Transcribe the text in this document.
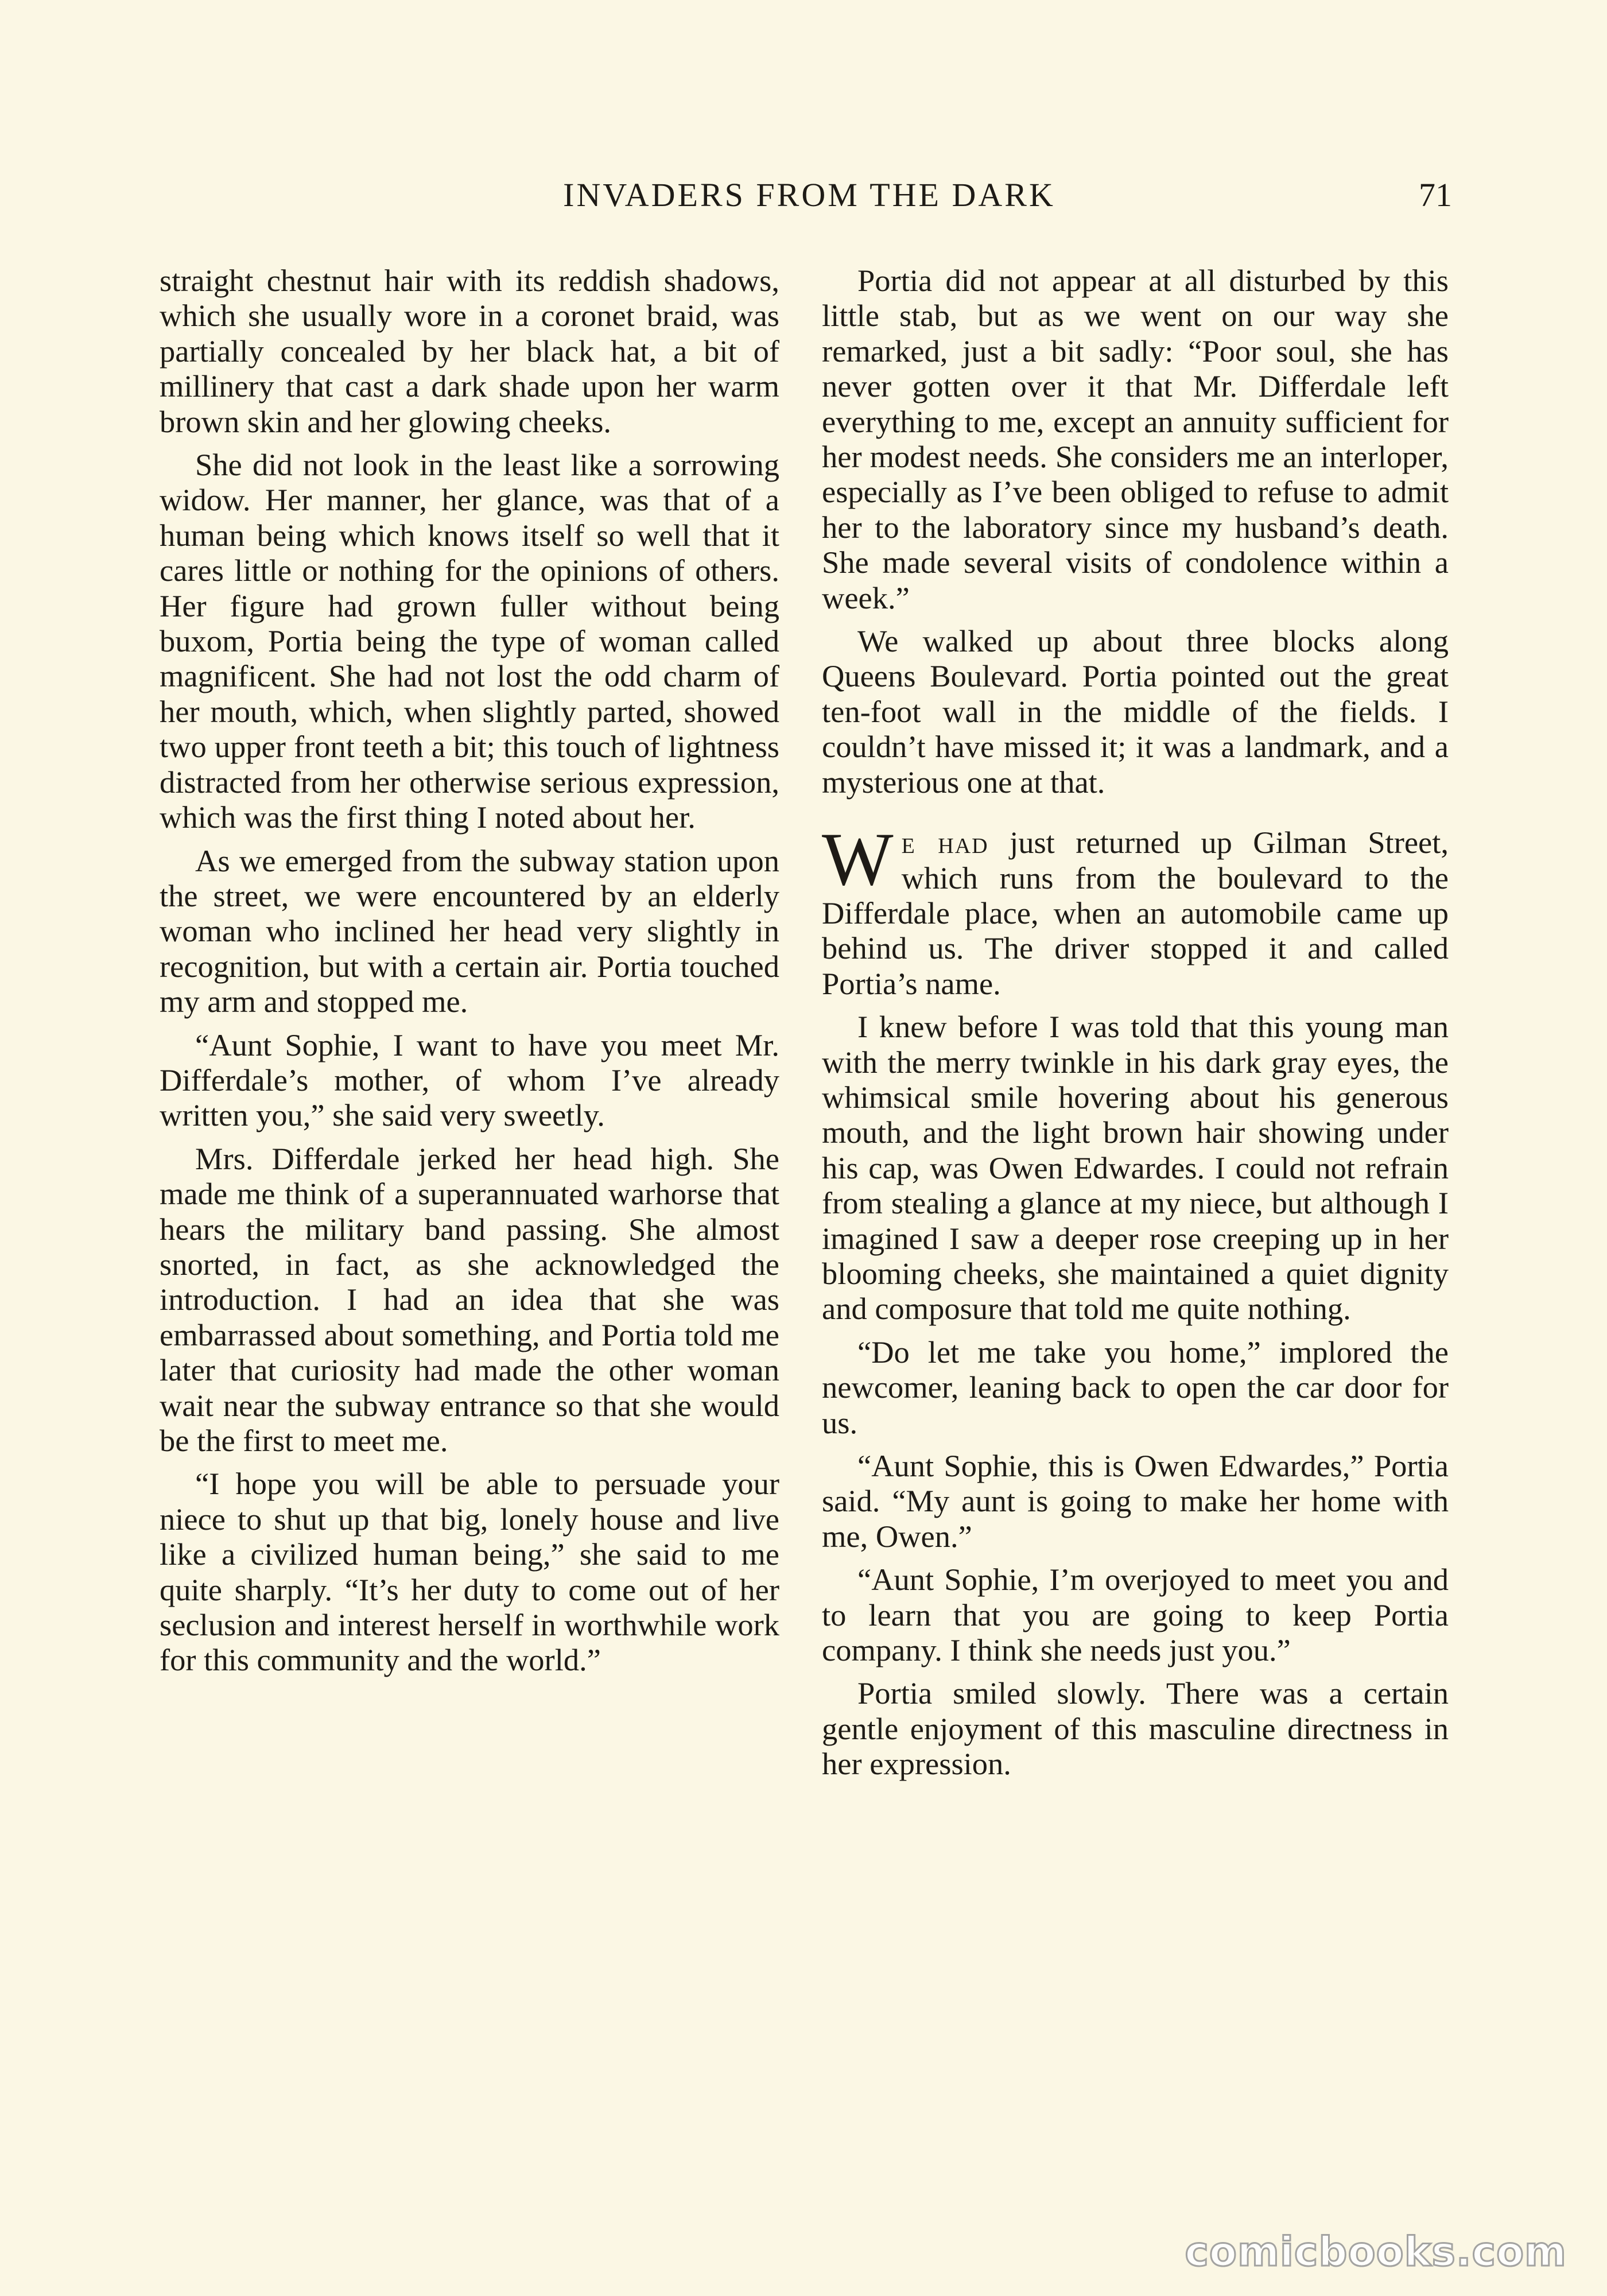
INVADERS FROM THE DARK	71

straight chestnut hair with its reddish shadows, which she usually wore in a coronet braid, was partially concealed by her black hat, a bit of millinery that cast a dark shade upon her warm brown skin and her glowing cheeks.

She did not look in the least like a sorrowing widow. Her manner, her glance, was that of a human being which knows itself so well that it cares little or nothing for the opinions of others. Her figure had grown fuller without being buxom, Portia being the type of woman called magnificent. She had not lost the odd charm of her mouth, which, when slightly parted, showed two upper front teeth a bit; this touch of lightness distracted from her otherwise serious expression, which was the first thing I noted about her.

As we emerged from the subway station upon the street, we were encountered by an elderly woman who inclined her head very slightly in recognition, but with a certain air. Portia touched my arm and stopped me.

“Aunt Sophie, I want to have you meet Mr. Differdale’s mother, of whom I’ve already written you,” she said very sweetly.

Mrs. Differdale jerked her head high. She made me think of a superannuated warhorse that hears the military band passing. She almost snorted, in fact, as she acknowledged the introduction. I had an idea that she was embarrassed about something, and Portia told me later that curiosity had made the other woman wait near the subway entrance so that she would be the first to meet me.

“I hope you will be able to persuade your niece to shut up that big, lonely house and live like a civilized human being,” she said to me quite sharply. “It’s her duty to come out of her seclusion and interest herself in worthwhile work for this community and the world.”

Portia did not appear at all disturbed by this little stab, but as we went on our way she remarked, just a bit sadly: “Poor soul, she has never gotten over it that Mr. Differdale left everything to me, except an annuity sufficient for her modest needs. She considers me an interloper, especially as I’ve been obliged to refuse to admit her to the laboratory since my husband’s death. She made several visits of condolence within a week.”

We walked up about three blocks along Queens Boulevard. Portia pointed out the great ten-foot wall in the middle of the fields. I couldn’t have missed it; it was a landmark, and a mysterious one at that.

We had just returned up Gilman Street, which runs from the boulevard to the Differdale place, when an automobile came up behind us. The driver stopped it and called Portia’s name.

I knew before I was told that this young man with the merry twinkle in his dark gray eyes, the whimsical smile hovering about his generous mouth, and the light brown hair showing under his cap, was Owen Edwardes. I could not refrain from stealing a glance at my niece, but although I imagined I saw a deeper rose creeping up in her blooming cheeks, she maintained a quiet dignity and composure that told me quite nothing.

“Do let me take you home,” implored the newcomer, leaning back to open the car door for us.

“Aunt Sophie, this is Owen Edwardes,” Portia said. “My aunt is going to make her home with me, Owen.”

“Aunt Sophie, I’m overjoyed to meet you and to learn that you are going to keep Portia company. I think she needs just you.”

Portia smiled slowly. There was a certain gentle enjoyment of this masculine directness in her expression.

comicbooks.com
